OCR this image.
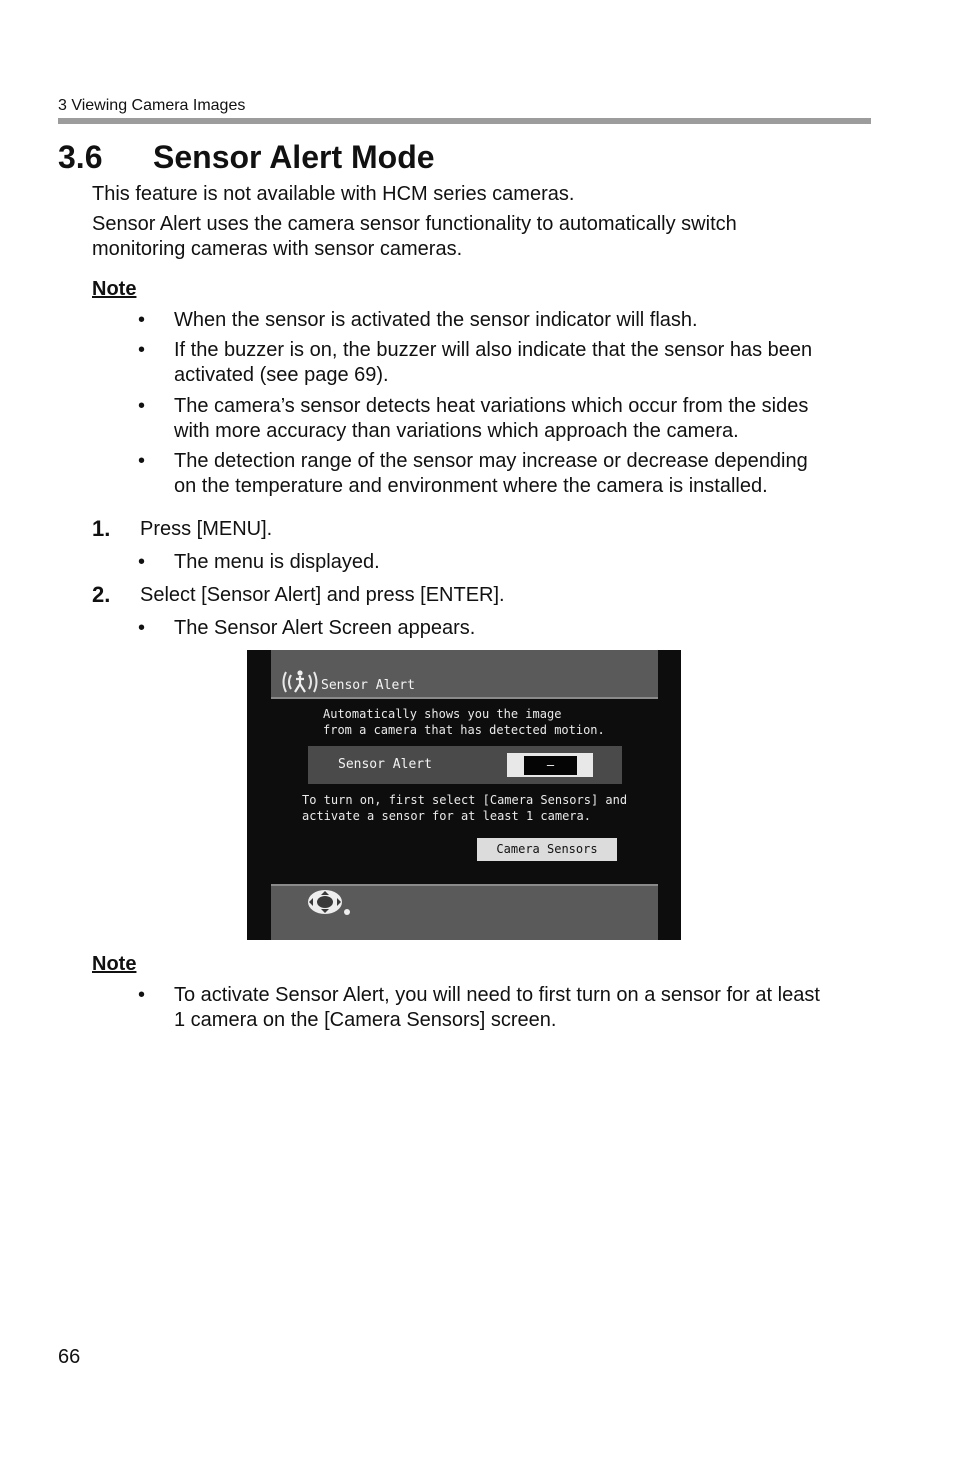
3 Viewing Camera Images
3.6 Sensor Alert Mode
This feature is not available with HCM series cameras.
Sensor Alert uses the camera sensor functionality to automatically switch
monitoring cameras with sensor cameras.
Note
• When the sensor is activated the sensor indicator will flash.
• If the buzzer is on, the buzzer will also indicate that the sensor has been
activated (see page 69).
• The camera’s sensor detects heat variations which occur from the sides
with more accuracy than variations which approach the camera.
• The detection range of the sensor may increase or decrease depending
on the temperature and environment where the camera is installed.
1. Press [MENU].
• The menu is displayed.
2. Select [Sensor Alert] and press [ENTER].
• The Sensor Alert Screen appears.
Sensor Alert
Automatically shows you the image
from a camera that has detected motion.
Sensor Alert	—
To turn on, first select [Camera Sensors] and
activate a sensor for at least 1 camera.
Camera Sensors
Note
• To activate Sensor Alert, you will need to first turn on a sensor for at least
1 camera on the [Camera Sensors] screen.
66
